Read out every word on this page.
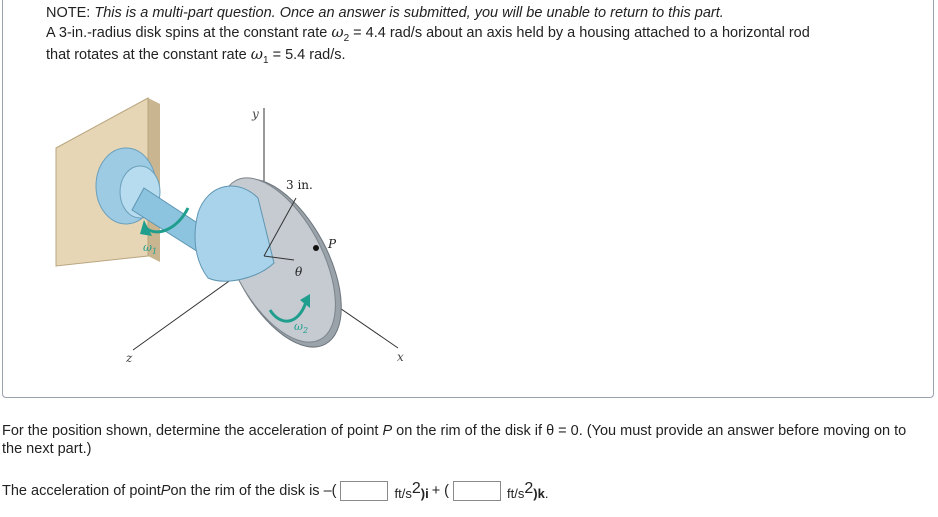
NOTE: This is a multi-part question. Once an answer is submitted, you will be unable to return to this part.
A 3-in.-radius disk spins at the constant rate $\omega_2 = 4.4$ rad/s about an axis held by a housing attached to a horizontal rod
that rotates at the constant rate $\omega_1 = 5.4$ rad/s.
y
z	x
3 in.
P
θ
$\omega_1$
$\omega_2$
For the position shown, determine the acceleration of point P on the rim of the disk if θ = 0. (You must provide an answer before moving on to the next part.)
The acceleration of point P on the rim of the disk is –(	ft/s2)i + (	ft/s2)k.
